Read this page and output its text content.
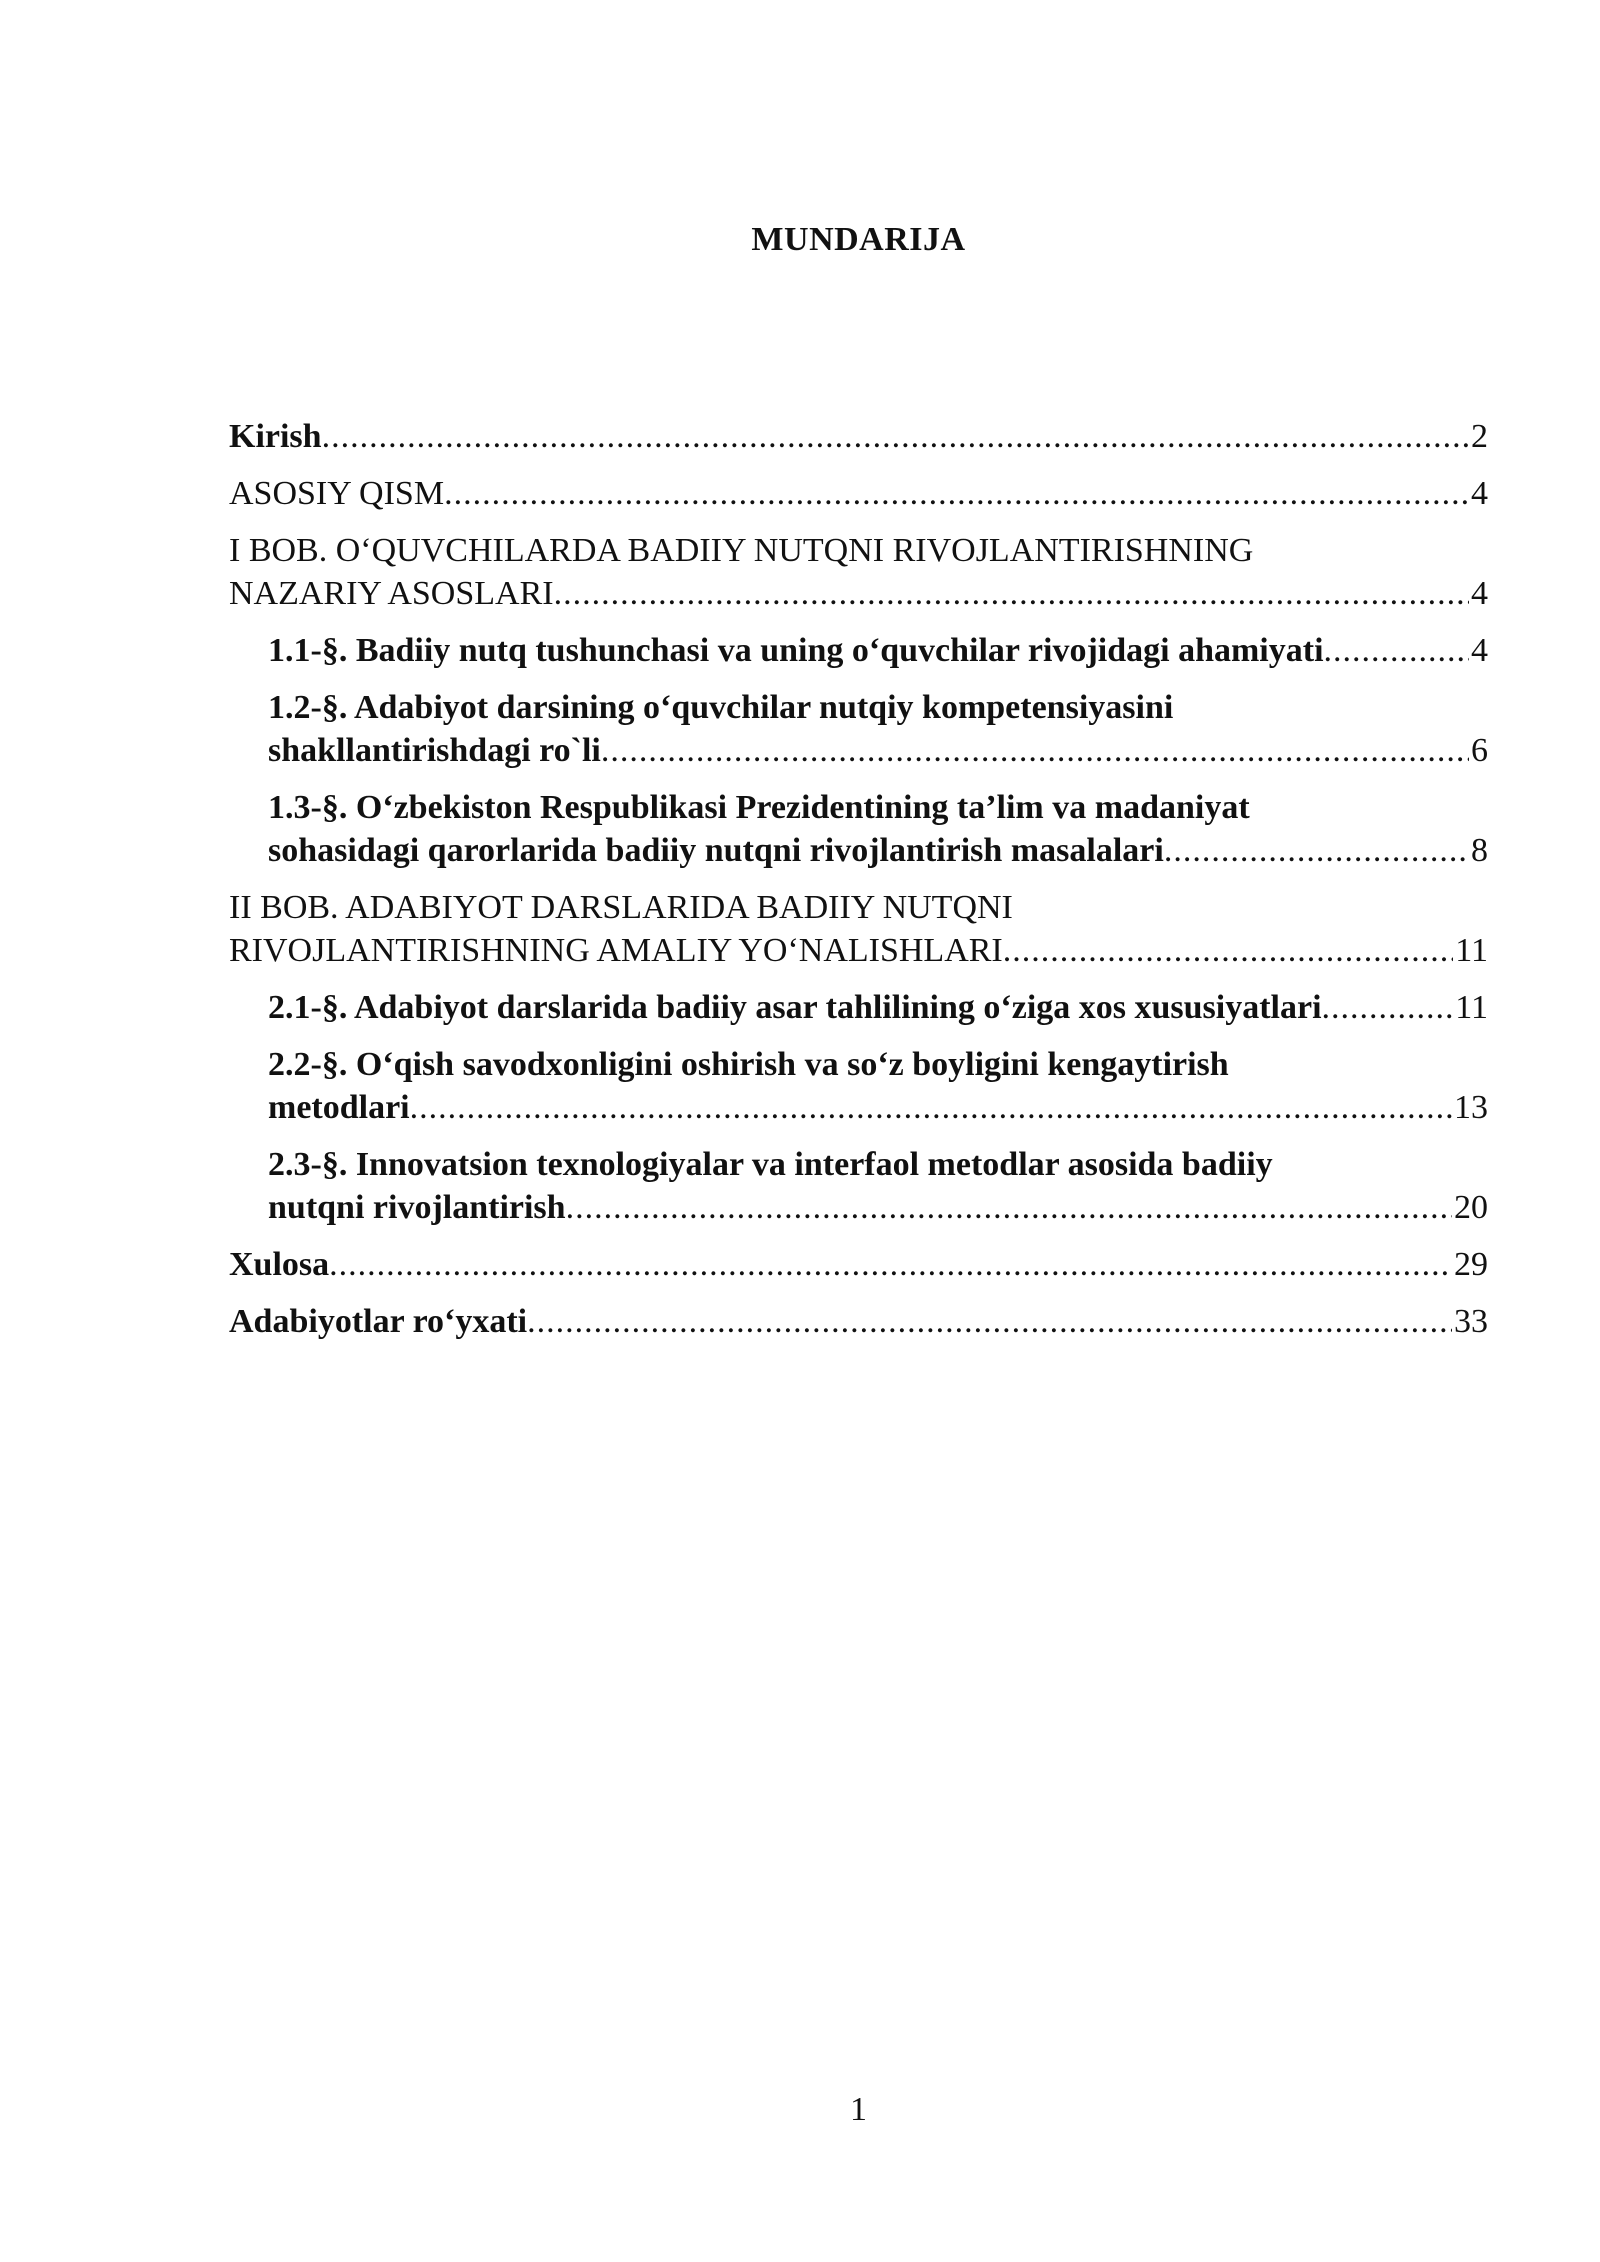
MUNDARIJA
Kirish .....	2
ASOSIY QISM .....	4
I BOB. O‘QUVCHILARDA BADIIY NUTQNI RIVOJLANTIRISHNING
NAZARIY ASOSLARI .....	4
1.1-§. Badiiy nutq tushunchasi va uning o‘quvchilar rivojidagi ahamiyati .....	4
1.2-§. Adabiyot darsining o‘quvchilar nutqiy kompetensiyasini
shakllantirishdagi ro`li .....	6
1.3-§. O‘zbekiston Respublikasi Prezidentining ta’lim va madaniyat
sohasidagi qarorlarida badiiy nutqni rivojlantirish masalalari .....	8
II BOB. ADABIYOT DARSLARIDA BADIIY NUTQNI
RIVOJLANTIRISHNING AMALIY YO‘NALISHLARI .....	11
2.1-§. Adabiyot darslarida badiiy asar tahlilining o‘ziga xos xususiyatlari .....	11
2.2-§. O‘qish savodxonligini oshirish va so‘z boyligini kengaytirish
metodlari .....	13
2.3-§. Innovatsion texnologiyalar va interfaol metodlar asosida badiiy
nutqni rivojlantirish .....	20
Xulosa .....	29
Adabiyotlar ro‘yxati .....	33
1
